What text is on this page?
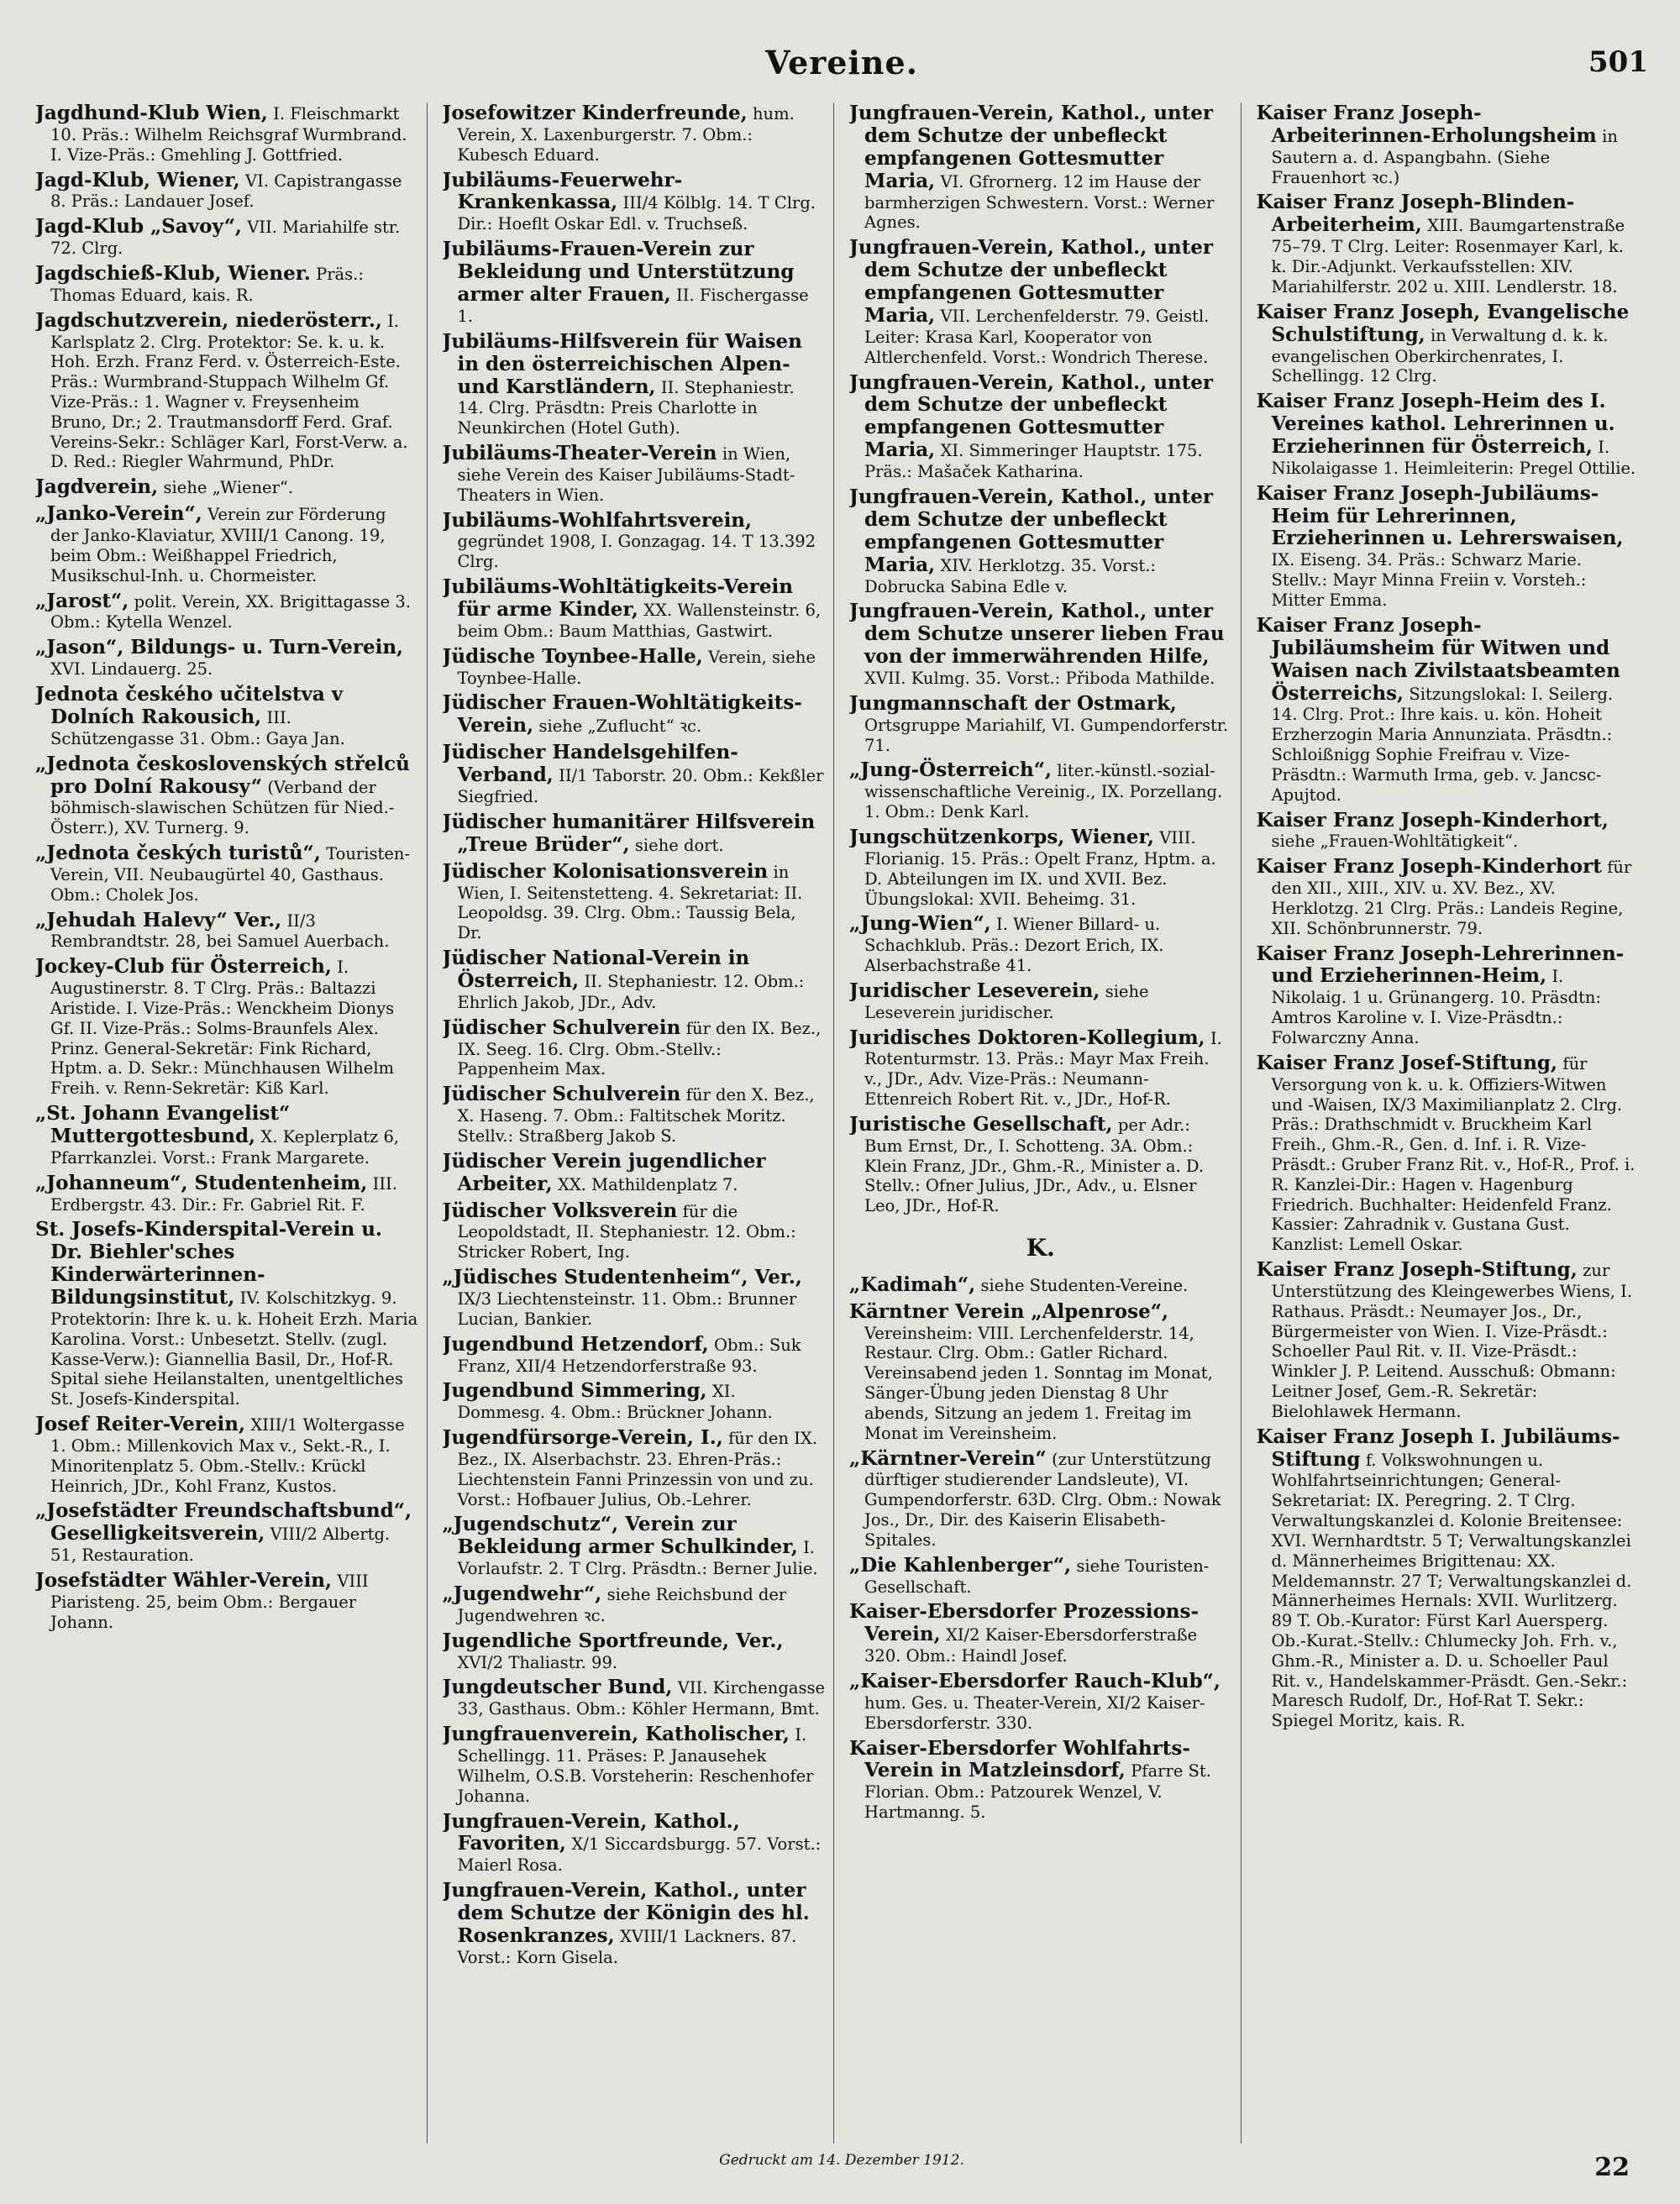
Vereine.	501
Jagdhund-Klub Wien, I. Fleischmarkt 10. Präs.: Wilhelm Reichsgraf Wurmbrand. I. Vize-Präs.: Gmehling J. Gottfried.
Jagd-Klub, Wiener, VI. Capistrangasse 8. Präs.: Landauer Josef.
Jagd-Klub „Savoy“, VII. Mariahilfe str. 72. Clrg.
Jagdschieß-Klub, Wiener. Präs.: Thomas Eduard, kais. R.
Jagdschutzverein, niederösterr., I. Karlsplatz 2. Clrg. Protektor: Se. k. u. k. Hoh. Erzh. Franz Ferd. v. Österreich-Este. Präs.: Wurmbrand-Stuppach Wilhelm Gf. Vize-Präs.: 1. Wagner v. Freysenheim Bruno, Dr.; 2. Trautmansdorff Ferd. Graf. Vereins-Sekr.: Schläger Karl, Forst-Verw. a. D. Red.: Riegler Wahrmund, PhDr.
Jagdverein, siehe „Wiener“.
„Janko-Verein“, Verein zur Förderung der Janko-Klaviatur, XVIII/1 Canong. 19, beim Obm.: Weißhappel Friedrich, Musikschul-Inh. u. Chormeister.
„Jarost“, polit. Verein, XX. Brigittagasse 3. Obm.: Kytella Wenzel.
„Jason“, Bildungs- u. Turn-Verein, XVI. Lindauerg. 25.
Jednota českého učitelstva v Dolních Rakousich, III. Schützengasse 31. Obm.: Gaya Jan.
„Jednota československých střelců pro Dolní Rakousy“ (Verband der böhmisch-slawischen Schützen für Nied.-Österr.), XV. Turnerg. 9.
„Jednota českých turistů“, Touristen-Verein, VII. Neubaugürtel 40, Gasthaus. Obm.: Cholek Jos.
„Jehudah Halevy“ Ver., II/3 Rembrandtstr. 28, bei Samuel Auerbach.
Jockey-Club für Österreich, I. Augustinerstr. 8. T Clrg. Präs.: Baltazzi Aristide. I. Vize-Präs.: Wenckheim Dionys Gf. II. Vize-Präs.: Solms-Braunfels Alex. Prinz. General-Sekretär: Fink Richard, Hptm. a. D. Sekr.: Münchhausen Wilhelm Freih. v. Renn-Sekretär: Kiß Karl.
„St. Johann Evangelist“ Muttergottesbund, X. Keplerplatz 6, Pfarrkanzlei. Vorst.: Frank Margarete.
„Johanneum“, Studentenheim, III. Erdbergstr. 43. Dir.: Fr. Gabriel Rit. F.
St. Josefs-Kinderspital-Verein u. Dr. Biehler'sches Kinderwärterinnen-Bildungsinstitut, IV. Kolschitzkyg. 9. Protektorin: Ihre k. u. k. Hoheit Erzh. Maria Karolina. Vorst.: Unbesetzt. Stellv. (zugl. Kasse-Verw.): Giannellia Basil, Dr., Hof-R. Spital siehe Heilanstalten, unentgeltliches St. Josefs-Kinderspital.
Josef Reiter-Verein, XIII/1 Woltergasse 1. Obm.: Millenkovich Max v., Sekt.-R., I. Minoritenplatz 5. Obm.-Stellv.: Krückl Heinrich, JDr., Kohl Franz, Kustos.
„Josefstädter Freundschaftsbund“, Geselligkeitsverein, VIII/2 Albertg. 51, Restauration.
Josefstädter Wähler-Verein, VIII Piaristeng. 25, beim Obm.: Bergauer Johann.
Josefowitzer Kinderfreunde, hum. Verein, X. Laxenburgerstr. 7. Obm.: Kubesch Eduard.
Jubiläums-Feuerwehr-Krankenkassa, III/4 Kölblg. 14. T Clrg. Dir.: Hoeflt Oskar Edl. v. Truchseß.
Jubiläums-Frauen-Verein zur Bekleidung und Unterstützung armer alter Frauen, II. Fischergasse 1.
Jubiläums-Hilfsverein für Waisen in den österreichischen Alpen- und Karstländern, II. Stephaniestr. 14. Clrg. Präsdtn: Preis Charlotte in Neunkirchen (Hotel Guth).
Jubiläums-Theater-Verein in Wien, siehe Verein des Kaiser Jubiläums-Stadt-Theaters in Wien.
Jubiläums-Wohlfahrtsverein, gegründet 1908, I. Gonzagag. 14. T 13.392 Clrg.
Jubiläums-Wohltätigkeits-Verein für arme Kinder, XX. Wallensteinstr. 6, beim Obm.: Baum Matthias, Gastwirt.
Jüdische Toynbee-Halle, Verein, siehe Toynbee-Halle.
Jüdischer Frauen-Wohltätigkeits-Verein, siehe „Zuflucht“ ꝛc.
Jüdischer Handelsgehilfen-Verband, II/1 Taborstr. 20. Obm.: Kekßler Siegfried.
Jüdischer humanitärer Hilfsverein „Treue Brüder“, siehe dort.
Jüdischer Kolonisationsverein in Wien, I. Seitenstetteng. 4. Sekretariat: II. Leopoldsg. 39. Clrg. Obm.: Taussig Bela, Dr.
Jüdischer National-Verein in Österreich, II. Stephaniestr. 12. Obm.: Ehrlich Jakob, JDr., Adv.
Jüdischer Schulverein für den IX. Bez., IX. Seeg. 16. Clrg. Obm.-Stellv.: Pappenheim Max.
Jüdischer Schulverein für den X. Bez., X. Haseng. 7. Obm.: Faltitschek Moritz. Stellv.: Straßberg Jakob S.
Jüdischer Verein jugendlicher Arbeiter, XX. Mathildenplatz 7.
Jüdischer Volksverein für die Leopoldstadt, II. Stephaniestr. 12. Obm.: Stricker Robert, Ing.
„Jüdisches Studentenheim“, Ver., IX/3 Liechtensteinstr. 11. Obm.: Brunner Lucian, Bankier.
Jugendbund Hetzendorf, Obm.: Suk Franz, XII/4 Hetzendorferstraße 93.
Jugendbund Simmering, XI. Dommesg. 4. Obm.: Brückner Johann.
Jugendfürsorge-Verein, I., für den IX. Bez., IX. Alserbachstr. 23. Ehren-Präs.: Liechtenstein Fanni Prinzessin von und zu. Vorst.: Hofbauer Julius, Ob.-Lehrer.
„Jugendschutz“, Verein zur Bekleidung armer Schulkinder, I. Vorlaufstr. 2. T Clrg. Präsdtn.: Berner Julie.
„Jugendwehr“, siehe Reichsbund der Jugendwehren ꝛc.
Jugendliche Sportfreunde, Ver., XVI/2 Thaliastr. 99.
Jungdeutscher Bund, VII. Kirchengasse 33, Gasthaus. Obm.: Köhler Hermann, Bmt.
Jungfrauenverein, Katholischer, I. Schellingg. 11. Präses: P. Janausehek Wilhelm, O.S.B. Vorsteherin: Reschenhofer Johanna.
Jungfrauen-Verein, Kathol., Favoriten, X/1 Siccardsburgg. 57. Vorst.: Maierl Rosa.
Jungfrauen-Verein, Kathol., unter dem Schutze der Königin des hl. Rosenkranzes, XVIII/1 Lackners. 87. Vorst.: Korn Gisela.
Jungfrauen-Verein, Kathol., unter dem Schutze der unbefleckt empfangenen Gottesmutter Maria, VI. Gfrornerg. 12 im Hause der barmherzigen Schwestern. Vorst.: Werner Agnes.
Jungfrauen-Verein, Kathol., unter dem Schutze der unbefleckt empfangenen Gottesmutter Maria, VII. Lerchenfelderstr. 79. Geistl. Leiter: Krasa Karl, Kooperator von Altlerchenfeld. Vorst.: Wondrich Therese.
Jungfrauen-Verein, Kathol., unter dem Schutze der unbefleckt empfangenen Gottesmutter Maria, XI. Simmeringer Hauptstr. 175. Präs.: Mašaček Katharina.
Jungfrauen-Verein, Kathol., unter dem Schutze der unbefleckt empfangenen Gottesmutter Maria, XIV. Herklotzg. 35. Vorst.: Dobrucka Sabina Edle v.
Jungfrauen-Verein, Kathol., unter dem Schutze unserer lieben Frau von der immerwährenden Hilfe, XVII. Kulmg. 35. Vorst.: Přiboda Mathilde.
Jungmannschaft der Ostmark, Ortsgruppe Mariahilf, VI. Gumpendorferstr. 71.
„Jung-Österreich“, liter.-künstl.-sozial-wissenschaftliche Vereinig., IX. Porzellang. 1. Obm.: Denk Karl.
Jungschützenkorps, Wiener, VIII. Florianig. 15. Präs.: Opelt Franz, Hptm. a. D. Abteilungen im IX. und XVII. Bez. Übungslokal: XVII. Beheimg. 31.
„Jung-Wien“, I. Wiener Billard- u. Schachklub. Präs.: Dezort Erich, IX. Alserbachstraße 41.
Juridischer Leseverein, siehe Leseverein juridischer.
Juridisches Doktoren-Kollegium, I. Rotenturmstr. 13. Präs.: Mayr Max Freih. v., JDr., Adv. Vize-Präs.: Neumann-Ettenreich Robert Rit. v., JDr., Hof-R.
Juristische Gesellschaft, per Adr.: Bum Ernst, Dr., I. Schotteng. 3A. Obm.: Klein Franz, JDr., Ghm.-R., Minister a. D. Stellv.: Ofner Julius, JDr., Adv., u. Elsner Leo, JDr., Hof-R.
K.
„Kadimah“, siehe Studenten-Vereine.
Kärntner Verein „Alpenrose“, Vereinsheim: VIII. Lerchenfelderstr. 14, Restaur. Clrg. Obm.: Gatler Richard. Vereinsabend jeden 1. Sonntag im Monat, Sänger-Übung jeden Dienstag 8 Uhr abends, Sitzung an jedem 1. Freitag im Monat im Vereinsheim.
„Kärntner-Verein“ (zur Unterstützung dürftiger studierender Landsleute), VI. Gumpendorferstr. 63D. Clrg. Obm.: Nowak Jos., Dr., Dir. des Kaiserin Elisabeth-Spitales.
„Die Kahlenberger“, siehe Touristen-Gesellschaft.
Kaiser-Ebersdorfer Prozessions-Verein, XI/2 Kaiser-Ebersdorferstraße 320. Obm.: Haindl Josef.
„Kaiser-Ebersdorfer Rauch-Klub“, hum. Ges. u. Theater-Verein, XI/2 Kaiser-Ebersdorferstr. 330.
Kaiser-Ebersdorfer Wohlfahrts-Verein in Matzleinsdorf, Pfarre St. Florian. Obm.: Patzourek Wenzel, V. Hartmanng. 5.
Kaiser Franz Joseph-Arbeiterinnen-Erholungsheim in Sautern a. d. Aspangbahn. (Siehe Frauenhort ꝛc.)
Kaiser Franz Joseph-Blinden-Arbeiterheim, XIII. Baumgartenstraße 75–79. T Clrg. Leiter: Rosenmayer Karl, k. k. Dir.-Adjunkt. Verkaufsstellen: XIV. Mariahilferstr. 202 u. XIII. Lendlerstr. 18.
Kaiser Franz Joseph, Evangelische Schulstiftung, in Verwaltung d. k. k. evangelischen Oberkirchenrates, I. Schellingg. 12 Clrg.
Kaiser Franz Joseph-Heim des I. Vereines kathol. Lehrerinnen u. Erzieherinnen für Österreich, I. Nikolaigasse 1. Heimleiterin: Pregel Ottilie.
Kaiser Franz Joseph-Jubiläums-Heim für Lehrerinnen, Erzieherinnen u. Lehrerswaisen, IX. Eiseng. 34. Präs.: Schwarz Marie. Stellv.: Mayr Minna Freiin v. Vorsteh.: Mitter Emma.
Kaiser Franz Joseph-Jubiläumsheim für Witwen und Waisen nach Zivilstaatsbeamten Österreichs, Sitzungslokal: I. Seilerg. 14. Clrg. Prot.: Ihre kais. u. kön. Hoheit Erzherzogin Maria Annunziata. Präsdtn.: Schloißnigg Sophie Freifrau v. Vize-Präsdtn.: Warmuth Irma, geb. v. Jancsc-Apujtod.
Kaiser Franz Joseph-Kinderhort, siehe „Frauen-Wohltätigkeit“.
Kaiser Franz Joseph-Kinderhort für den XII., XIII., XIV. u. XV. Bez., XV. Herklotzg. 21 Clrg. Präs.: Landeis Regine, XII. Schönbrunnerstr. 79.
Kaiser Franz Joseph-Lehrerinnen- und Erzieherinnen-Heim, I. Nikolaig. 1 u. Grünangerg. 10. Präsdtn: Amtros Karoline v. I. Vize-Präsdtn.: Folwarczny Anna.
Kaiser Franz Josef-Stiftung, für Versorgung von k. u. k. Offiziers-Witwen und -Waisen, IX/3 Maximilianplatz 2. Clrg. Präs.: Drathschmidt v. Bruckheim Karl Freih., Ghm.-R., Gen. d. Inf. i. R. Vize-Präsdt.: Gruber Franz Rit. v., Hof-R., Prof. i. R. Kanzlei-Dir.: Hagen v. Hagenburg Friedrich. Buchhalter: Heidenfeld Franz. Kassier: Zahradnik v. Gustana Gust. Kanzlist: Lemell Oskar.
Kaiser Franz Joseph-Stiftung, zur Unterstützung des Kleingewerbes Wiens, I. Rathaus. Präsdt.: Neumayer Jos., Dr., Bürgermeister von Wien. I. Vize-Präsdt.: Schoeller Paul Rit. v. II. Vize-Präsdt.: Winkler J. P. Leitend. Ausschuß: Obmann: Leitner Josef, Gem.-R. Sekretär: Bielohlawek Hermann.
Kaiser Franz Joseph I. Jubiläums-Stiftung f. Volkswohnungen u. Wohlfahrtseinrichtungen; General-Sekretariat: IX. Peregring. 2. T Clrg. Verwaltungskanzlei d. Kolonie Breitensee: XVI. Wernhardtstr. 5 T; Verwaltungskanzlei d. Männerheimes Brigittenau: XX. Meldemannstr. 27 T; Verwaltungskanzlei d. Männerheimes Hernals: XVII. Wurlitzerg. 89 T. Ob.-Kurator: Fürst Karl Auersperg. Ob.-Kurat.-Stellv.: Chlumecky Joh. Frh. v., Ghm.-R., Minister a. D. u. Schoeller Paul Rit. v., Handelskammer-Präsdt. Gen.-Sekr.: Maresch Rudolf, Dr., Hof-Rat T. Sekr.: Spiegel Moritz, kais. R.
Gedruckt am 14. Dezember 1912.	22
